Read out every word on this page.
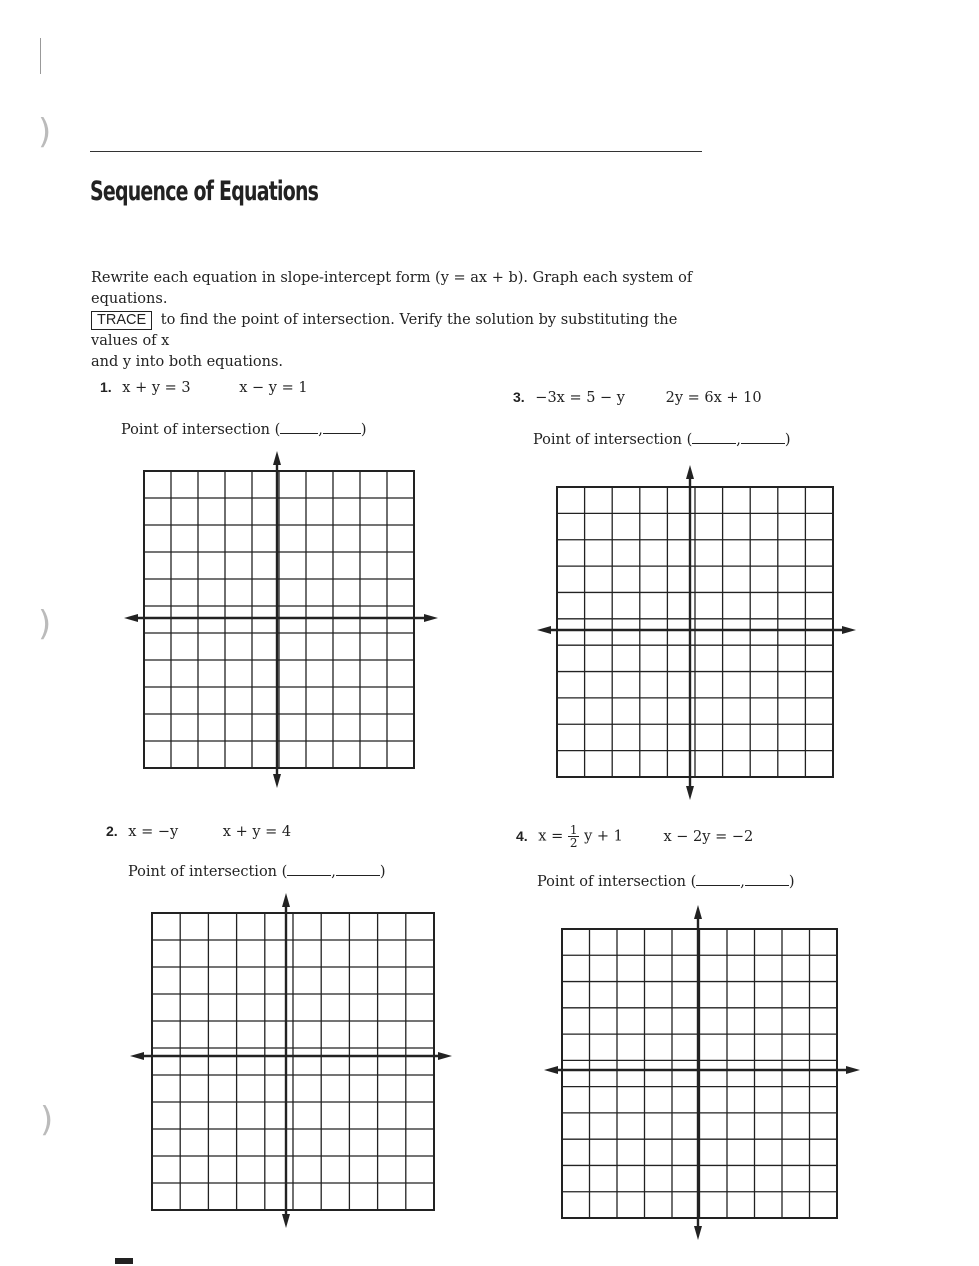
)
)
)
Sequence of Equations
Rewrite each equation in slope-intercept form (y = ax + b). Graph each system of equations.
TRACE to find the point of intersection. Verify the solution by substituting the values of x
and y into both equations.
1. x + y = 3	x − y = 1
Point of intersection (	,	)
2. x = −y	x + y = 4
Point of intersection (	,	)
3. −3x = 5 − y	2y = 6x + 10
Point of intersection (	,	)
4. $x = \frac{1}{2}$ y + 1	x − 2y = −2
Point of intersection (	,	)
